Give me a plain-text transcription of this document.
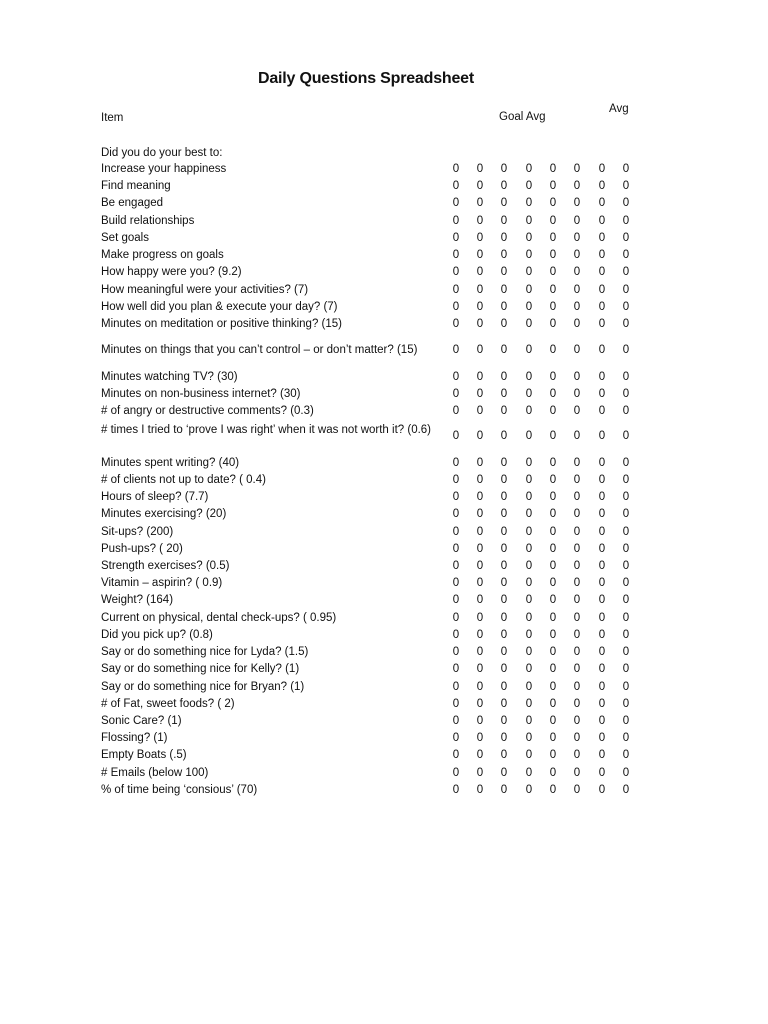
Daily Questions Spreadsheet
Item	Goal Avg
Avg
Did you do your best to:
Increase your happiness	0	0	0	0	0	0	0	0
Find meaning	0	0	0	0	0	0	0	0
Be engaged	0	0	0	0	0	0	0	0
Build relationships	0	0	0	0	0	0	0	0
Set goals	0	0	0	0	0	0	0	0
Make progress on goals	0	0	0	0	0	0	0	0
How happy were you? (9.2)	0	0	0	0	0	0	0	0
How meaningful were your activities? (7)	0	0	0	0	0	0	0	0
How well did you plan & execute your day? (7)	0	0	0	0	0	0	0	0
Minutes on meditation or positive thinking? (15)	0	0	0	0	0	0	0	0
Minutes on things that you can’t control – or don’t matter? (15)	0	0	0	0	0	0	0	0
Minutes watching TV? (30)	0	0	0	0	0	0	0	0
Minutes on non-business internet? (30)	0	0	0	0	0	0	0	0
# of angry or destructive comments? (0.3)	0	0	0	0	0	0	0	0
# times I tried to ‘prove I was right’ when it was not worth it? (0.6)	0	0	0	0	0	0	0	0
Minutes spent writing? (40)	0	0	0	0	0	0	0	0
# of clients not up to date? ( 0.4)	0	0	0	0	0	0	0	0
Hours of sleep? (7.7)	0	0	0	0	0	0	0	0
Minutes exercising? (20)	0	0	0	0	0	0	0	0
Sit-ups? (200)	0	0	0	0	0	0	0	0
Push-ups? ( 20)	0	0	0	0	0	0	0	0
Strength exercises? (0.5)	0	0	0	0	0	0	0	0
Vitamin – aspirin? ( 0.9)	0	0	0	0	0	0	0	0
Weight? (164)	0	0	0	0	0	0	0	0
Current on physical, dental check-ups? ( 0.95)	0	0	0	0	0	0	0	0
Did you pick up? (0.8)	0	0	0	0	0	0	0	0
Say or do something nice for Lyda? (1.5)	0	0	0	0	0	0	0	0
Say or do something nice for Kelly? (1)	0	0	0	0	0	0	0	0
Say or do something nice for Bryan? (1)	0	0	0	0	0	0	0	0
# of Fat, sweet foods? ( 2)	0	0	0	0	0	0	0	0
Sonic Care? (1)	0	0	0	0	0	0	0	0
Flossing? (1)	0	0	0	0	0	0	0	0
Empty Boats (.5)	0	0	0	0	0	0	0	0
# Emails (below 100)	0	0	0	0	0	0	0	0
% of time being ‘consious’ (70)	0	0	0	0	0	0	0	0
